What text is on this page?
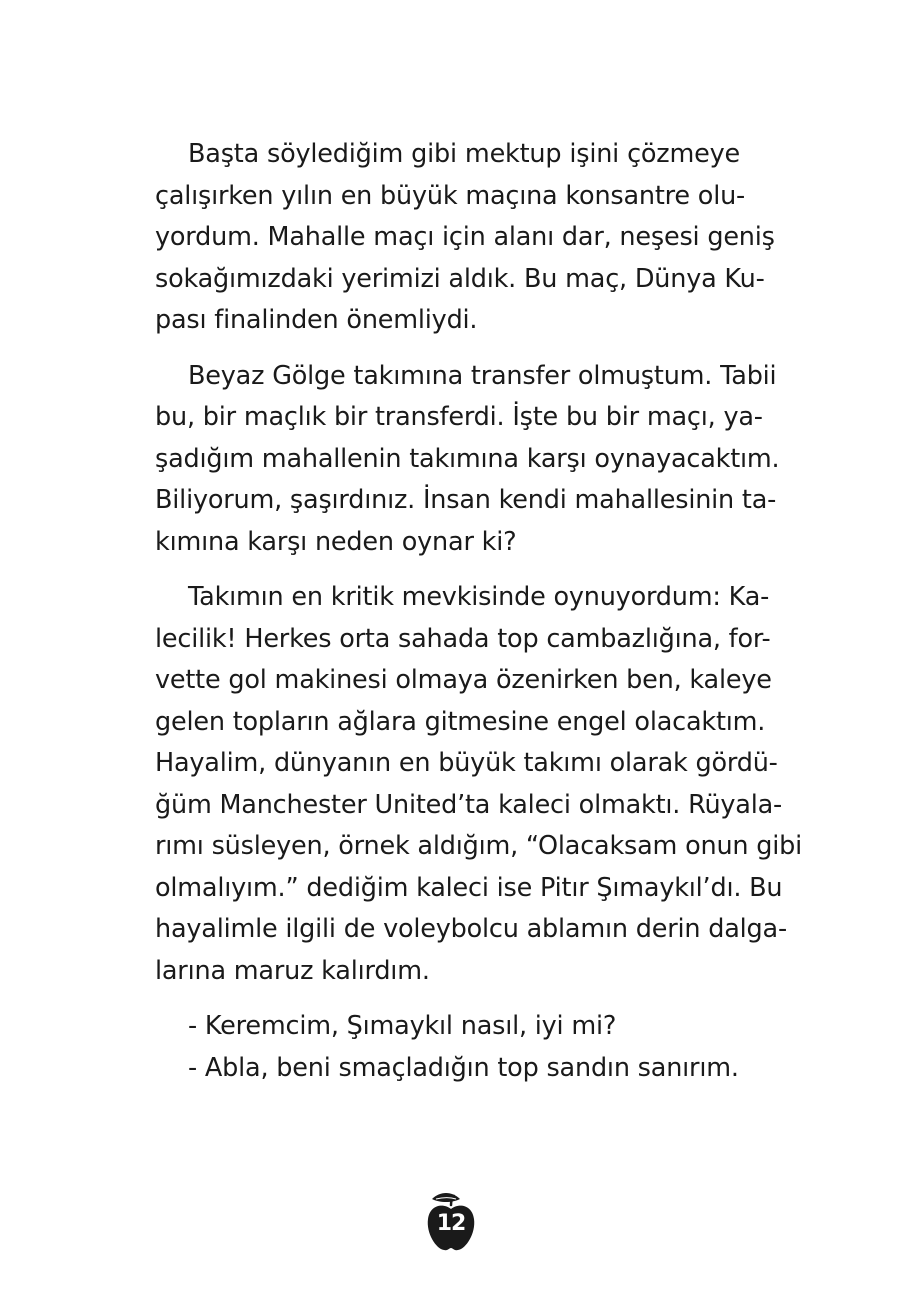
Başta söylediğim gibi mektup işini çözmeye
çalışırken yılın en büyük maçına konsantre olu-
yordum. Mahalle maçı için alanı dar, neşesi geniş
sokağımızdaki yerimizi aldık. Bu maç, Dünya Ku-
pası finalinden önemliydi.
Beyaz Gölge takımına transfer olmuştum. Tabii
bu, bir maçlık bir transferdi. İşte bu bir maçı, ya-
şadığım mahallenin takımına karşı oynayacaktım.
Biliyorum, şaşırdınız. İnsan kendi mahallesinin ta-
kımına karşı neden oynar ki?
Takımın en kritik mevkisinde oynuyordum: Ka-
lecilik! Herkes orta sahada top cambazlığına, for-
vette gol makinesi olmaya özenirken ben, kaleye
gelen topların ağlara gitmesine engel olacaktım.
Hayalim, dünyanın en büyük takımı olarak gördü-
ğüm Manchester United’ta kaleci olmaktı. Rüyala-
rımı süsleyen, örnek aldığım, “Olacaksam onun gibi
olmalıyım.” dediğim kaleci ise Pitır Şımaykıl’dı. Bu
hayalimle ilgili de voleybolcu ablamın derin dalga-
larına maruz kalırdım.
- Keremcim, Şımaykıl nasıl, iyi mi?
- Abla, beni smaçladığın top sandın sanırım.
12
